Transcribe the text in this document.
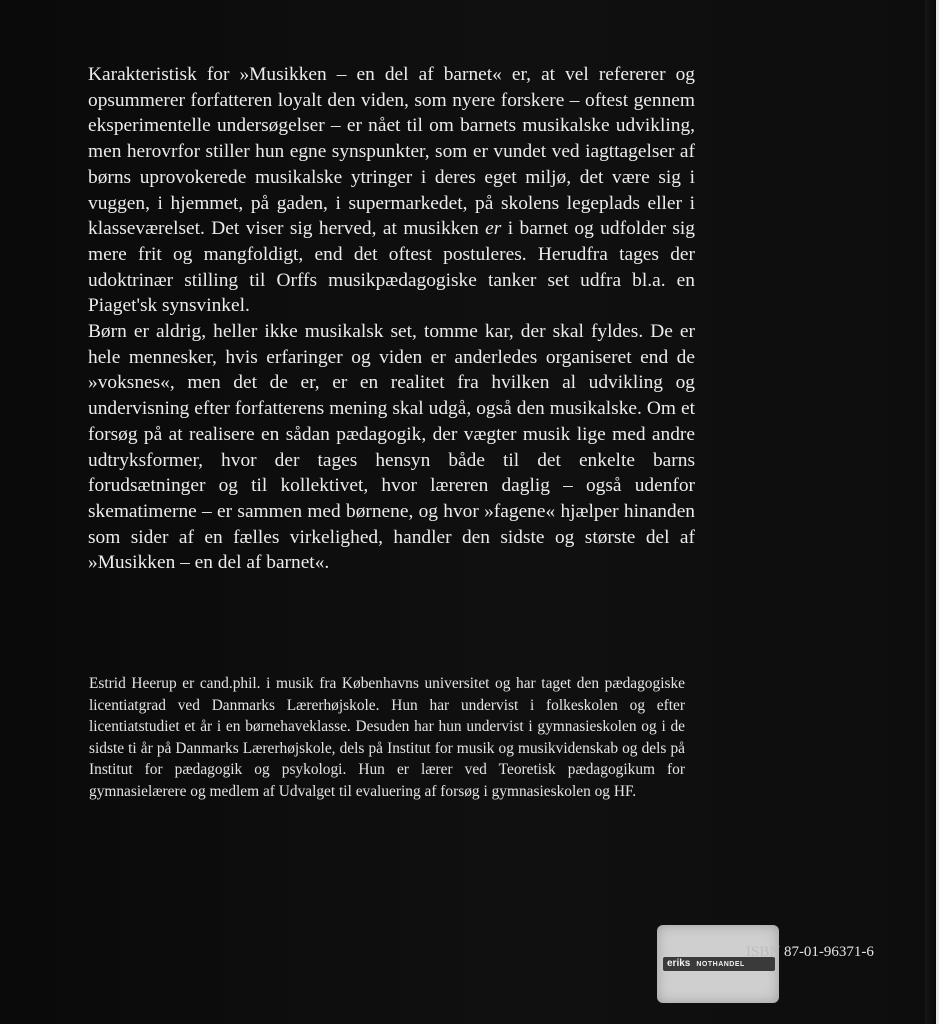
Karakteristisk for »Musikken – en del af barnet« er, at vel refererer og opsummerer forfatteren loyalt den viden, som nyere forskere – oftest gennem eksperimentelle undersøgelser – er nået til om barnets musikalske udvikling, men herovrfor stiller hun egne synspunkter, som er vundet ved iagttagelser af børns uprovokerede musikalske ytringer i deres eget miljø, det være sig i vuggen, i hjemmet, på gaden, i supermarkedet, på skolens legeplads eller i klasseværelset. Det viser sig herved, at musikken er i barnet og udfolder sig mere frit og mangfoldigt, end det oftest postuleres. Herudfra tages der udoktrinær stilling til Orffs musikpædagogiske tanker set udfra bl.a. en Piaget'sk synsvinkel.

Børn er aldrig, heller ikke musikalsk set, tomme kar, der skal fyldes. De er hele mennesker, hvis erfaringer og viden er anderledes organiseret end de »voksnes«, men det de er, er en realitet fra hvilken al udvikling og undervisning efter forfatterens mening skal udgå, også den musikalske. Om et forsøg på at realisere en sådan pædagogik, der vægter musik lige med andre udtryksformer, hvor der tages hensyn både til det enkelte barns forudsætninger og til kollektivet, hvor læreren daglig – også udenfor skematimerne – er sammen med børnene, og hvor »fagene« hjælper hinanden som sider af en fælles virkelighed, handler den sidste og største del af »Musikken – en del af barnet«.

Estrid Heerup er cand.phil. i musik fra Københavns universitet og har taget den pædagogiske licentiatgrad ved Danmarks Lærerhøjskole. Hun har undervist i folkeskolen og efter licentiatstudiet et år i en børnehaveklasse. Desuden har hun undervist i gymnasieskolen og i de sidste ti år på Danmarks Lærerhøjskole, dels på Institut for musik og musikvidenskab og dels på Institut for pædagogik og psykologi. Hun er lærer ved Teoretisk pædagogikum for gymnasielærere og medlem af Udvalget til evaluering af forsøg i gymnasieskolen og HF.
eriks NOTHANDEL
ISBN 87-01-96371-6
